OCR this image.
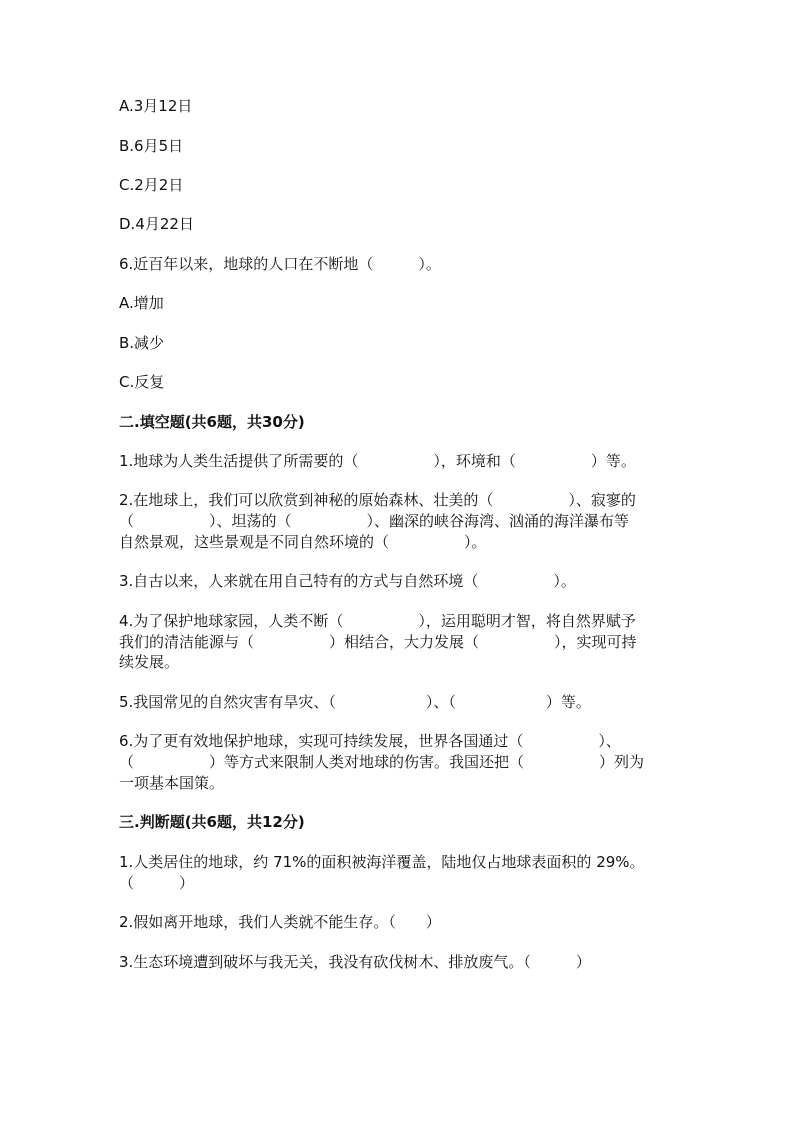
A.3月12日
B.6月5日
C.2月2日
D.4月22日
6.近百年以来，地球的人口在不断地（　　　）。
A.增加
B.减少
C.反复
二.填空题(共6题，共30分)
1.地球为人类生活提供了所需要的（　　　　　），环境和（　　　　　）等。
2.在地球上，我们可以欣赏到神秘的原始森林、壮美的（　　　　　）、寂寥的
（　　　　　）、坦荡的（　　　　　）、幽深的峡谷海湾、汹涌的海洋瀑布等
自然景观，这些景观是不同自然环境的（　　　　　）。
3.自古以来，人来就在用自己特有的方式与自然环境（　　　　　）。
4.为了保护地球家园，人类不断（　　　　　），运用聪明才智，将自然界赋予
我们的清洁能源与（　　　　　）相结合，大力发展（　　　　　），实现可持
续发展。
5.我国常见的自然灾害有旱灾、（　　　　　　）、（　　　　　　）等。
6.为了更有效地保护地球，实现可持续发展，世界各国通过（　　　　　）、
（　　　　　）等方式来限制人类对地球的伤害。我国还把（　　　　　）列为
一项基本国策。
三.判断题(共6题，共12分)
1.人类居住的地球，约 71%的面积被海洋覆盖，陆地仅占地球表面积的 29%。
（　　　）
2.假如离开地球，我们人类就不能生存。（　　）
3.生态环境遭到破坏与我无关，我没有砍伐树木、排放废气。（　　　）
